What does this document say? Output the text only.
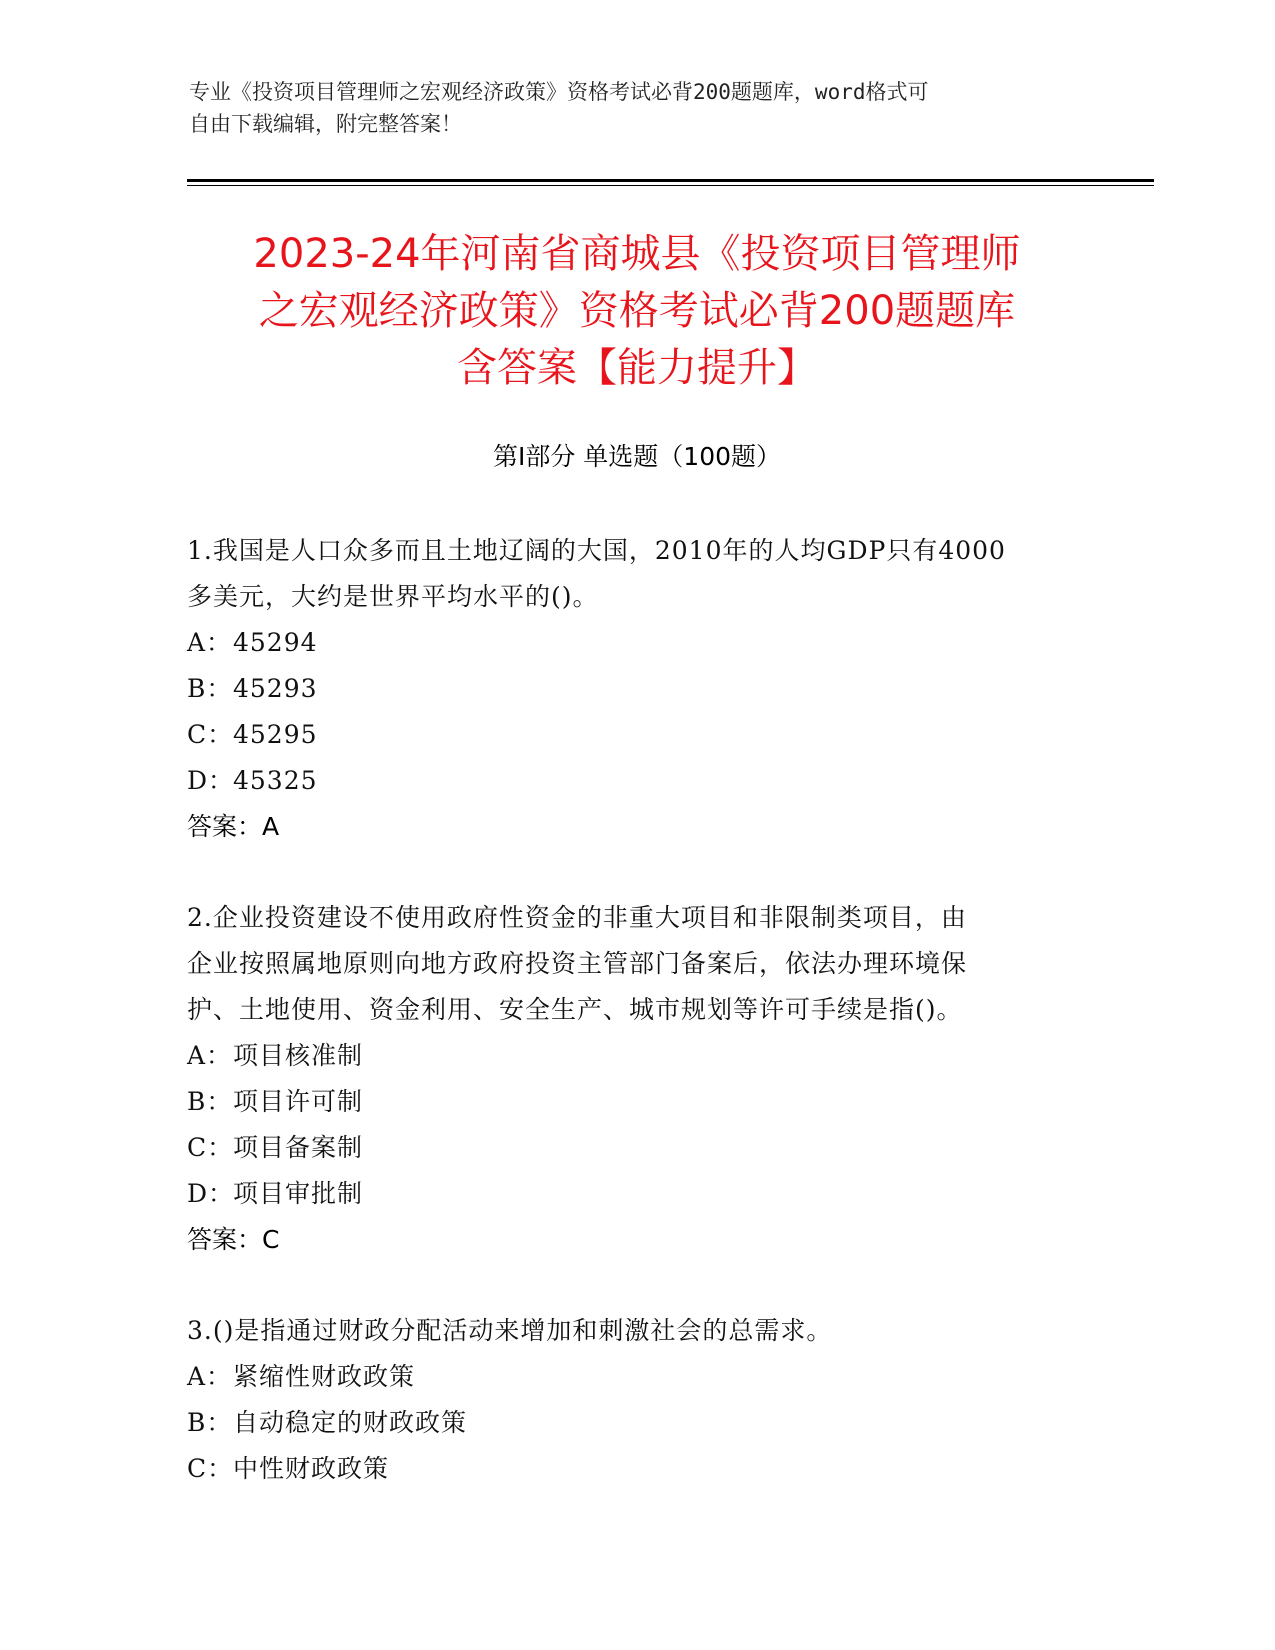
专业《投资项目管理师之宏观经济政策》资格考试必背200题题库，word格式可
自由下载编辑，附完整答案！
2023-24年河南省商城县《投资项目管理师
之宏观经济政策》资格考试必背200题题库
含答案【能力提升】
第Ⅰ部分 单选题（100题）
1.我国是人口众多而且土地辽阔的大国，2010年的人均GDP只有4000
多美元，大约是世界平均水平的()。
A：45294
B：45293
C：45295
D：45325
答案：A
2.企业投资建设不使用政府性资金的非重大项目和非限制类项目，由
企业按照属地原则向地方政府投资主管部门备案后，依法办理环境保
护、土地使用、资金利用、安全生产、城市规划等许可手续是指()。
A：项目核准制
B：项目许可制
C：项目备案制
D：项目审批制
答案：C
3.()是指通过财政分配活动来增加和刺激社会的总需求。
A：紧缩性财政政策
B：自动稳定的财政政策
C：中性财政政策
